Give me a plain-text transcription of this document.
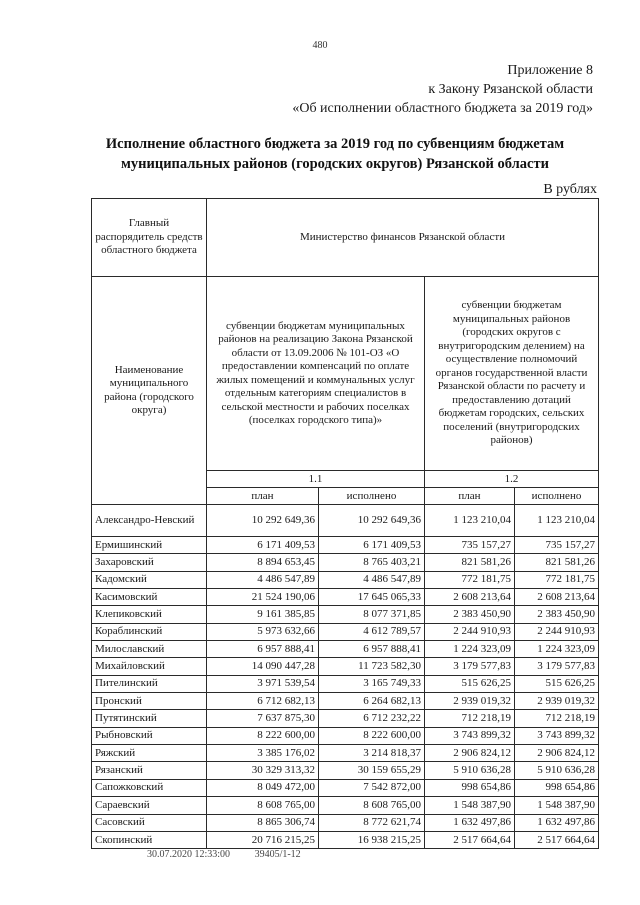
480
Приложение 8
к Закону Рязанской области
«Об исполнении областного бюджета за 2019 год»
Исполнение областного бюджета за 2019 год по субвенциям бюджетам
муниципальных районов (городских округов) Рязанской области
В рублях
Главный распорядитель средств областного бюджета	Министерство финансов Рязанской области			
Наименование муниципального района (городского округа)	субвенции бюджетам муниципальных районов на реализацию Закона Рязанской области от 13.09.2006 № 101-ОЗ «О предоставлении компенсаций по оплате жилых помещений и коммунальных услуг отдельным категориям специалистов в сельской местности и рабочих поселках (поселках городского типа)»	субвенции бюджетам муниципальных районов (городских округов с внутригородским делением) на осуществление полномочий органов государственной власти Рязанской области по расчету и предоставлению дотаций бюджетам городских, сельских поселений (внутригородских районов)
	1.1		1.2	
	план	исполнено	план	исполнено
Александро-Невский	10 292 649,36	10 292 649,36	1 123 210,04	1 123 210,04
Ермишинский	6 171 409,53	6 171 409,53	735 157,27	735 157,27
Захаровский	8 894 653,45	8 765 403,21	821 581,26	821 581,26
Кадомский	4 486 547,89	4 486 547,89	772 181,75	772 181,75
Касимовский	21 524 190,06	17 645 065,33	2 608 213,64	2 608 213,64
Клепиковский	9 161 385,85	8 077 371,85	2 383 450,90	2 383 450,90
Кораблинский	5 973 632,66	4 612 789,57	2 244 910,93	2 244 910,93
Милославский	6 957 888,41	6 957 888,41	1 224 323,09	1 224 323,09
Михайловский	14 090 447,28	11 723 582,30	3 179 577,83	3 179 577,83
Пителинский	3 971 539,54	3 165 749,33	515 626,25	515 626,25
Пронский	6 712 682,13	6 264 682,13	2 939 019,32	2 939 019,32
Путятинский	7 637 875,30	6 712 232,22	712 218,19	712 218,19
Рыбновский	8 222 600,00	8 222 600,00	3 743 899,32	3 743 899,32
Ряжский	3 385 176,02	3 214 818,37	2 906 824,12	2 906 824,12
Рязанский	30 329 313,32	30 159 655,29	5 910 636,28	5 910 636,28
Сапожковский	8 049 472,00	7 542 872,00	998 654,86	998 654,86
Сараевский	8 608 765,00	8 608 765,00	1 548 387,90	1 548 387,90
Сасовский	8 865 306,74	8 772 621,74	1 632 497,86	1 632 497,86
Скопинский	20 716 215,25	16 938 215,25	2 517 664,64	2 517 664,64
30.07.2020 12:33:00 39405/1-12
